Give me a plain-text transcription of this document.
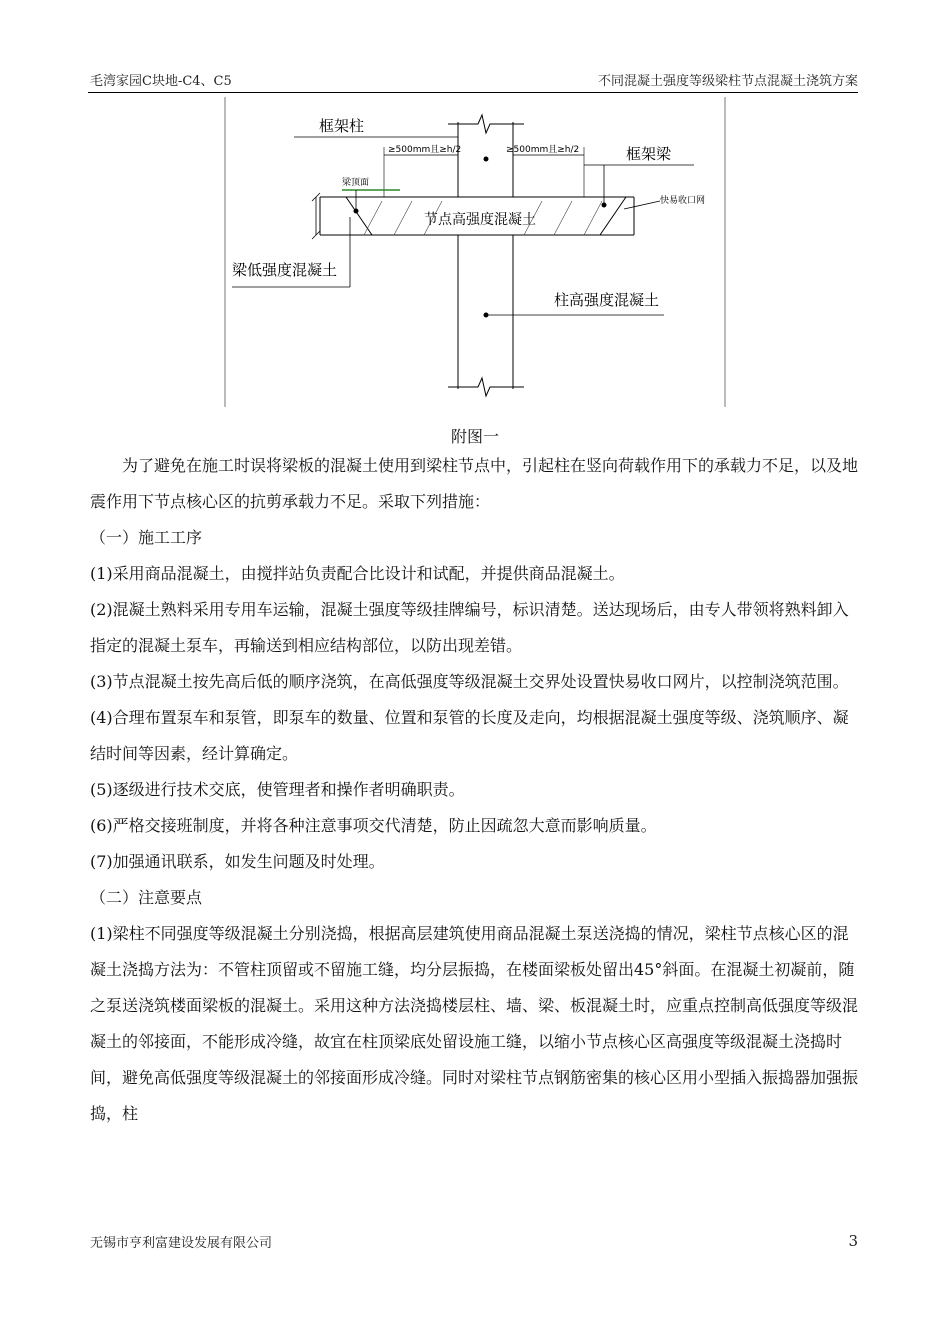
毛湾家园C块地-C4、C5	不同混凝土强度等级梁柱节点混凝土浇筑方案
≥500mm且≥h/2	≥500mm且≥h/2
框架柱
框架梁
梁顶面
节点高强度混凝土
快易收口网
梁低强度混凝土
柱高强度混凝土
附图一

为了避免在施工时误将梁板的混凝土使用到梁柱节点中，引起柱在竖向荷载作用下的承载力不足，以及地震作用下节点核心区的抗剪承载力不足。采取下列措施：

（一）施工工序

(1)采用商品混凝土，由搅拌站负责配合比设计和试配，并提供商品混凝土。

(2)混凝土熟料采用专用车运输，混凝土强度等级挂牌编号，标识清楚。送达现场后，由专人带领将熟料卸入指定的混凝土泵车，再输送到相应结构部位，以防出现差错。

(3)节点混凝土按先高后低的顺序浇筑，在高低强度等级混凝土交界处设置快易收口网片，以控制浇筑范围。

(4)合理布置泵车和泵管，即泵车的数量、位置和泵管的长度及走向，均根据混凝土强度等级、浇筑顺序、凝结时间等因素，经计算确定。

(5)逐级进行技术交底，使管理者和操作者明确职责。

(6)严格交接班制度，并将各种注意事项交代清楚，防止因疏忽大意而影响质量。

(7)加强通讯联系，如发生问题及时处理。

（二）注意要点

(1)梁柱不同强度等级混凝土分别浇捣，根据高层建筑使用商品混凝土泵送浇捣的情况，梁柱节点核心区的混凝土浇捣方法为：不管柱顶留或不留施工缝，均分层振捣，在楼面梁板处留出45°斜面。在混凝土初凝前，随之泵送浇筑楼面梁板的混凝土。采用这种方法浇捣楼层柱、墙、梁、板混凝土时，应重点控制高低强度等级混凝土的邻接面，不能形成冷缝，故宜在柱顶梁底处留设施工缝，以缩小节点核心区高强度等级混凝土浇捣时间，避免高低强度等级混凝土的邻接面形成冷缝。同时对梁柱节点钢筋密集的核心区用小型插入振捣器加强振捣，柱

无锡市亨利富建设发展有限公司	3
